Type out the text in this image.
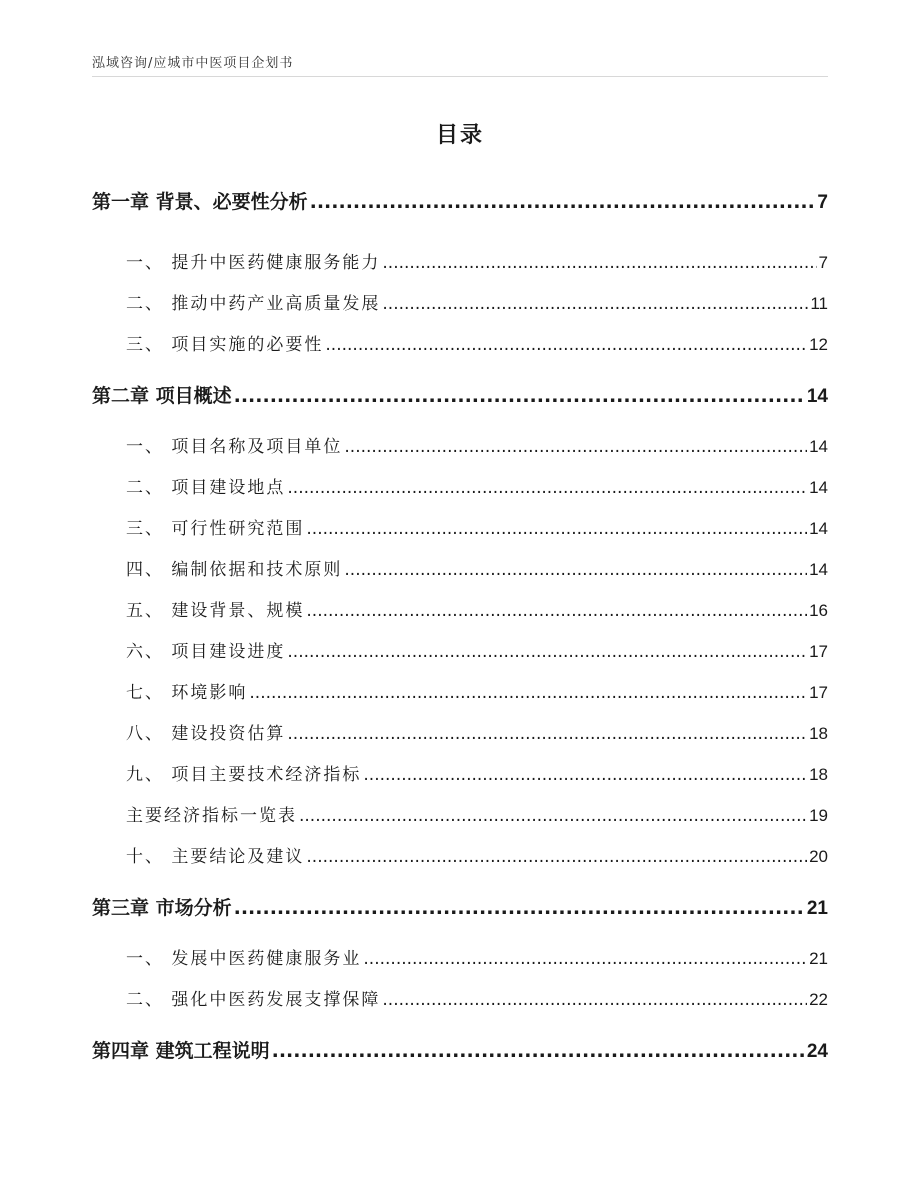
泓域咨询/应城市中医项目企划书
目录
第一章 背景、必要性分析 .....	7
一、 提升中医药健康服务能力 .....	7
二、 推动中药产业高质量发展 .....	11
三、 项目实施的必要性 .....	12
第二章 项目概述 .....	14
一、 项目名称及项目单位 .....	14
二、 项目建设地点 .....	14
三、 可行性研究范围 .....	14
四、 编制依据和技术原则 .....	14
五、 建设背景、规模 .....	16
六、 项目建设进度 .....	17
七、 环境影响 .....	17
八、 建设投资估算 .....	18
九、 项目主要技术经济指标 .....	18
主要经济指标一览表 .....	19
十、 主要结论及建议 .....	20
第三章 市场分析 .....	21
一、 发展中医药健康服务业 .....	21
二、 强化中医药发展支撑保障 .....	22
第四章 建筑工程说明 .....	24
